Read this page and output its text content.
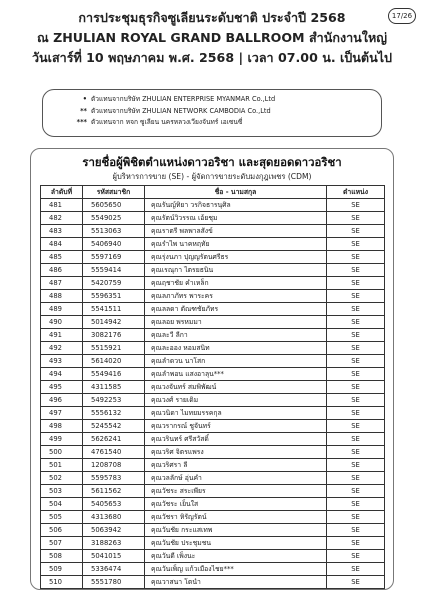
17/26
การประชุมธุรกิจซูเลียนระดับชาติ ประจำปี 2568
ณ ZHULIAN ROYAL GRAND BALLROOM สำนักงานใหญ่
วันเสาร์ที่ 10 พฤษภาคม พ.ศ. 2568 | เวลา 07.00 น. เป็นต้นไป
• ตัวแทนจากบริษัท ZHULIAN ENTERPRISE MYANMAR Co.,Ltd
** ตัวแทนจากบริษัท ZHULIAN NETWORK CAMBODIA Co.,Ltd
*** ตัวแทนจาก หจก ซูเลียน นครหลวงเวียงจันทร์ เอเซนซี่
รายชื่อผู้พิชิตตำแหน่งดาวอริชา และสุดยอดดาวอริชา
ผู้บริหารการขาย (SE) - ผู้จัดการขายระดับมงกุฎเพชร (CDM)
ลำดับที่	รหัสสมาชิก	ชื่อ - นามสกุล	ตำแหน่ง
481	5605650	คุณรันญ์ทิยา วรกิจธารนุศิล	SE
482	5549025	คุณรัตน์วิวรรณ เอ้ยชุม	SE
483	5513063	คุณราตรี พลพาลสังข์	SE
484	5406940	คุณรำไพ นาคหฤทัย	SE
485	5597169	คุณรุ่งนภา ปุญญรัตนศรีธร	SE
486	5559414	คุณเรณุกา ไตรยธนิน	SE
487	5420759	คุณฤชาชัย คำเหล็ก	SE
488	5596351	คุณลภาภัทร พาระคร	SE
489	5541511	คุณลลดา ตัณฑชัยภัทร	SE
490	5014942	คุณลอย พรหมมา	SE
491	3082176	คุณละวี ลีกา	SE
492	5515921	คุณละออง หอมสนิท	SE
493	5614020	คุณลำดวน นาโสก	SE
494	5549416	คุณลำพอน แสงอาลุน***	SE
495	4311585	คุณวงจันทร์ สมพิพัฒน์	SE
496	5492253	คุณวงศ์ รายเดิม	SE
497	5556132	คุณวนิดา ไมทยมรรคกุล	SE
498	5245542	คุณวรากรณ์ ชูจันทร์	SE
499	5626241	คุณวรินทร์ ศรีสวัสดิ์	SE
500	4761540	คุณวริศ จิตรแพรง	SE
501	1208708	คุณวริศรา ลี	SE
502	5595783	คุณวลลักษ์ อุ่นคำ	SE
503	5611562	คุณวัชระ สระเพียร	SE
504	5405653	คุณวัชระ เย็นใส	SE
505	4313680	คุณวัชรา หิรัญรัตน์	SE
506	5063942	คุณวันชัย กระแสเทพ	SE
507	3188263	คุณวันชัย ประชุมชน	SE
508	5041015	คุณวันดี เพ็งนะ	SE
509	5336474	คุณวันเพ็ญ แก้วเมืองไชย***	SE
510	5551780	คุณวาสนา โตนำ	SE
